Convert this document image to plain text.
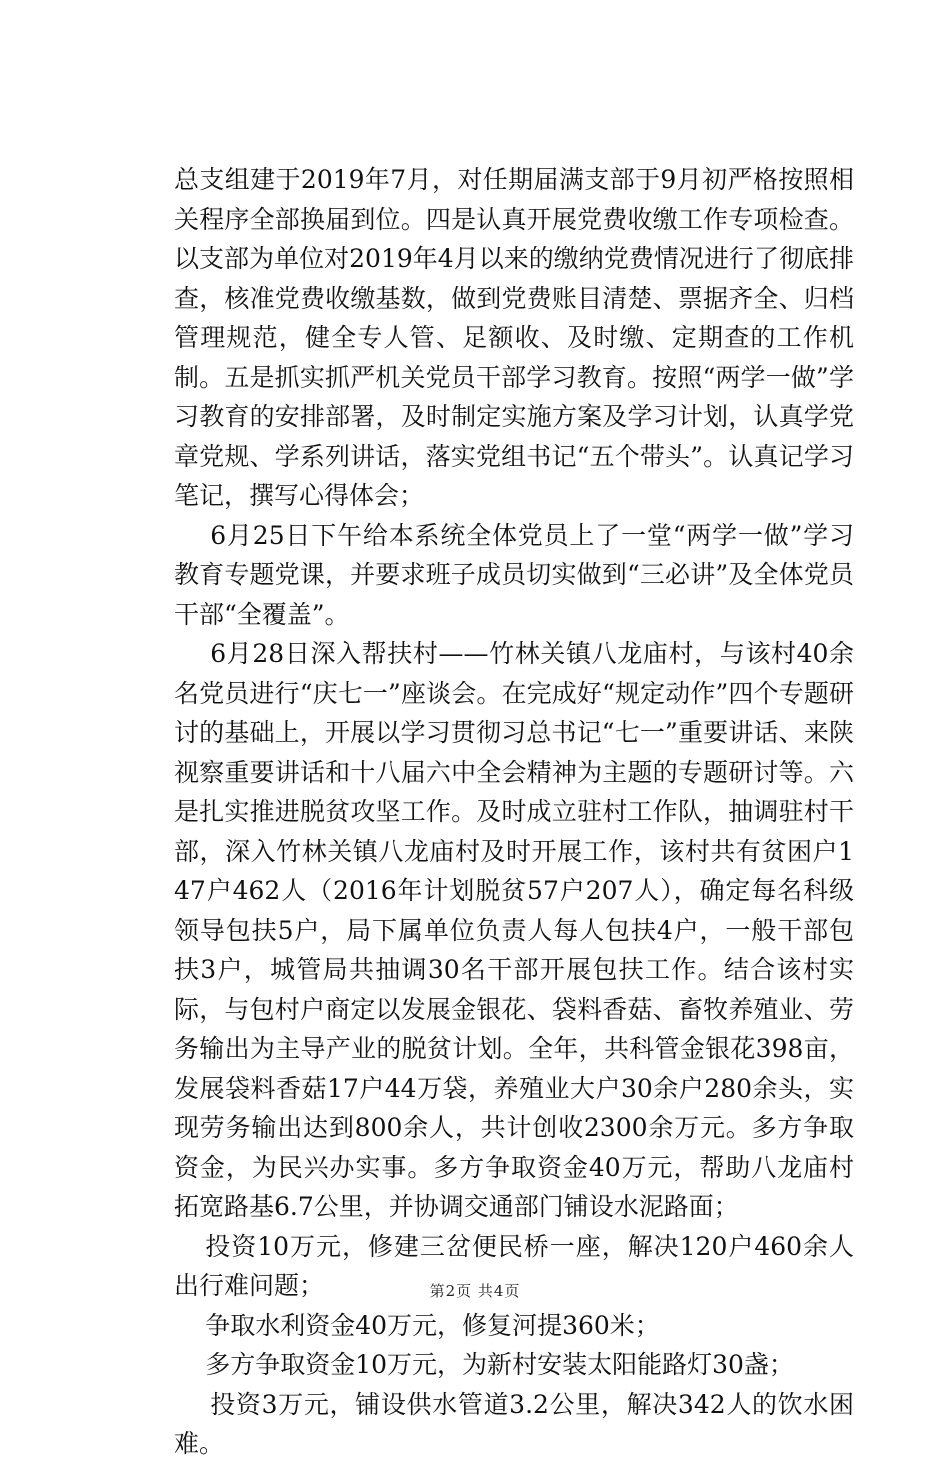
总支组建于2019年7月，对任期届满支部于9月初严格按照相关程序全部换届到位。四是认真开展党费收缴工作专项检查。以支部为单位对2019年4月以来的缴纳党费情况进行了彻底排查，核准党费收缴基数，做到党费账目清楚、票据齐全、归档管理规范，健全专人管、足额收、及时缴、定期查的工作机制。五是抓实抓严机关党员干部学习教育。按照“两学一做”学习教育的安排部署，及时制定实施方案及学习计划，认真学党章党规、学系列讲话，落实党组书记“五个带头”。认真记学习笔记，撰写心得体会；

6月25日下午给本系统全体党员上了一堂“两学一做”学习教育专题党课，并要求班子成员切实做到“三必讲”及全体党员干部“全覆盖”。

6月28日深入帮扶村——竹林关镇八龙庙村，与该村40余名党员进行“庆七一”座谈会。在完成好“规定动作”四个专题研讨的基础上，开展以学习贯彻习总书记“七一”重要讲话、来陕视察重要讲话和十八届六中全会精神为主题的专题研讨等。六是扎实推进脱贫攻坚工作。及时成立驻村工作队，抽调驻村干部，深入竹林关镇八龙庙村及时开展工作，该村共有贫困户147户462人（2016年计划脱贫57户207人），确定每名科级领导包扶5户，局下属单位负责人每人包扶4户，一般干部包扶3户，城管局共抽调30名干部开展包扶工作。结合该村实际，与包村户商定以发展金银花、袋料香菇、畜牧养殖业、劳务输出为主导产业的脱贫计划。全年，共科管金银花398亩，发展袋料香菇17户44万袋，养殖业大户30余户280余头，实现劳务输出达到800余人，共计创收2300余万元。多方争取资金，为民兴办实事。多方争取资金40万元，帮助八龙庙村拓宽路基6.7公里，并协调交通部门铺设水泥路面；

投资10万元，修建三岔便民桥一座，解决120户460余人出行难问题；

争取水利资金40万元，修复河提360米；

多方争取资金10万元，为新村安装太阳能路灯30盏；

投资3万元，铺设供水管道3.2公里，解决342人的饮水困难。

第2页 共4页
